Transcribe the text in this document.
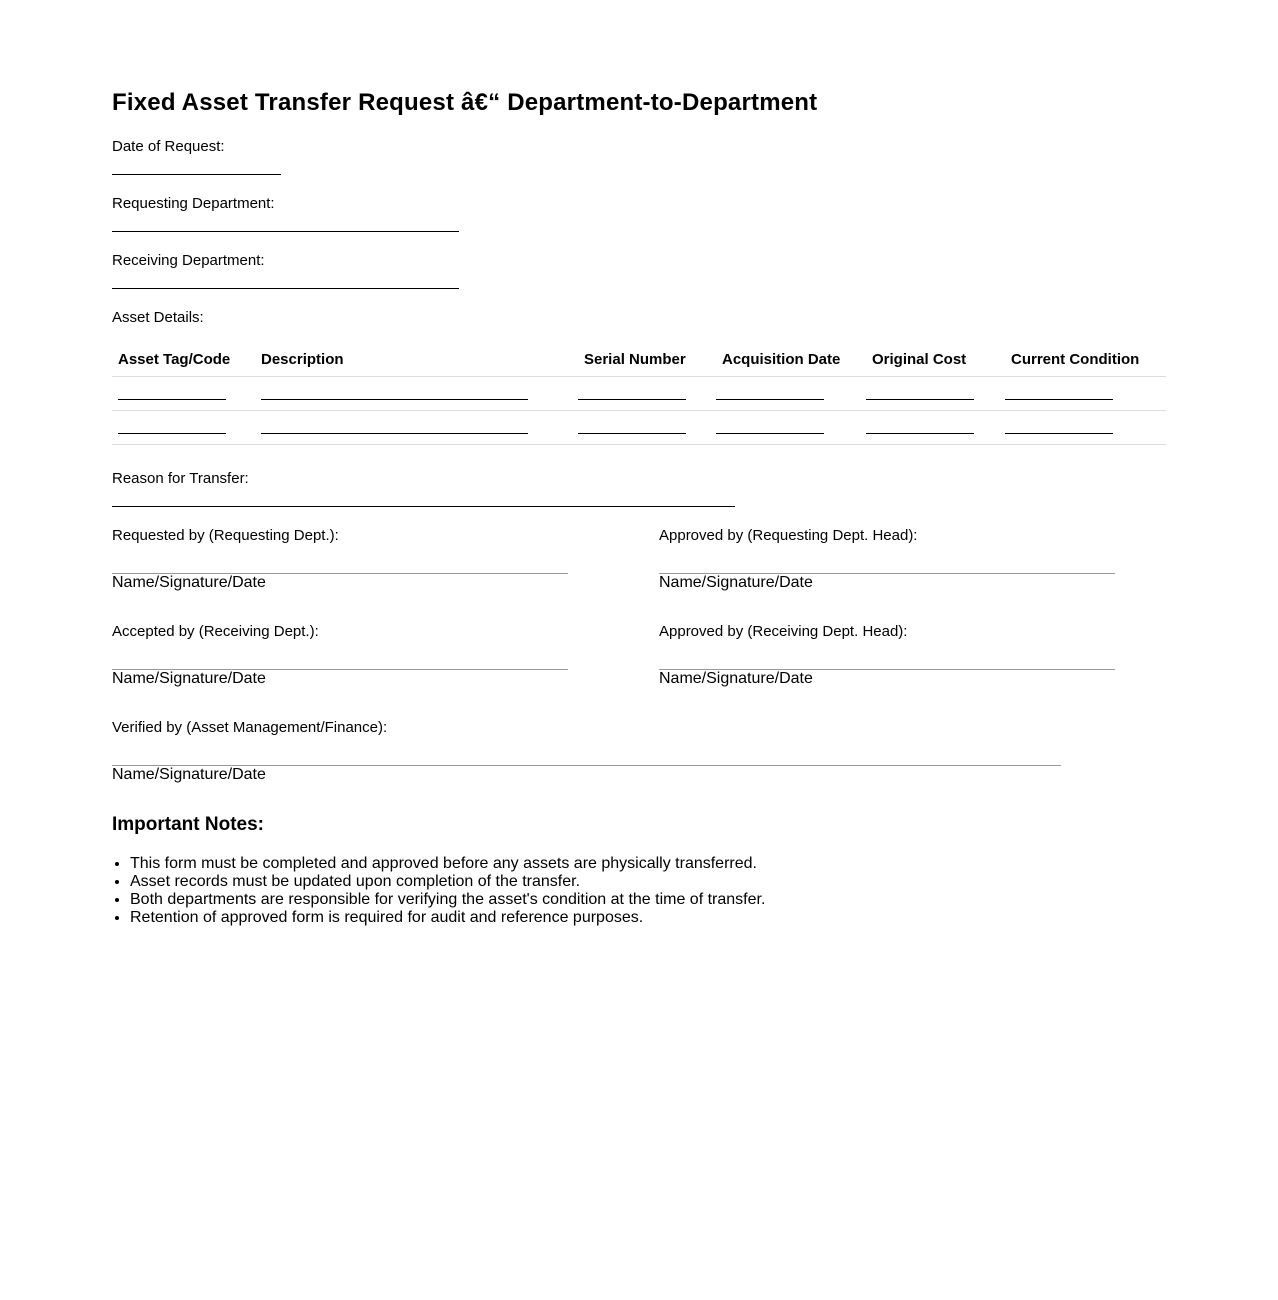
Fixed Asset Transfer Request â€“ Department-to-Department
Date of Request:
Requesting Department:
Receiving Department:
Asset Details:
Asset Tag/Code	Description	Serial Number	Acquisition Date	Original Cost	Current Condition

Reason for Transfer:
Requested by (Requesting Dept.):
Name/Signature/Date
Approved by (Requesting Dept. Head):
Name/Signature/Date
Accepted by (Receiving Dept.):
Name/Signature/Date
Approved by (Receiving Dept. Head):
Name/Signature/Date
Verified by (Asset Management/Finance):
Name/Signature/Date
Important Notes:
• This form must be completed and approved before any assets are physically transferred.
• Asset records must be updated upon completion of the transfer.
• Both departments are responsible for verifying the asset's condition at the time of transfer.
• Retention of approved form is required for audit and reference purposes.
